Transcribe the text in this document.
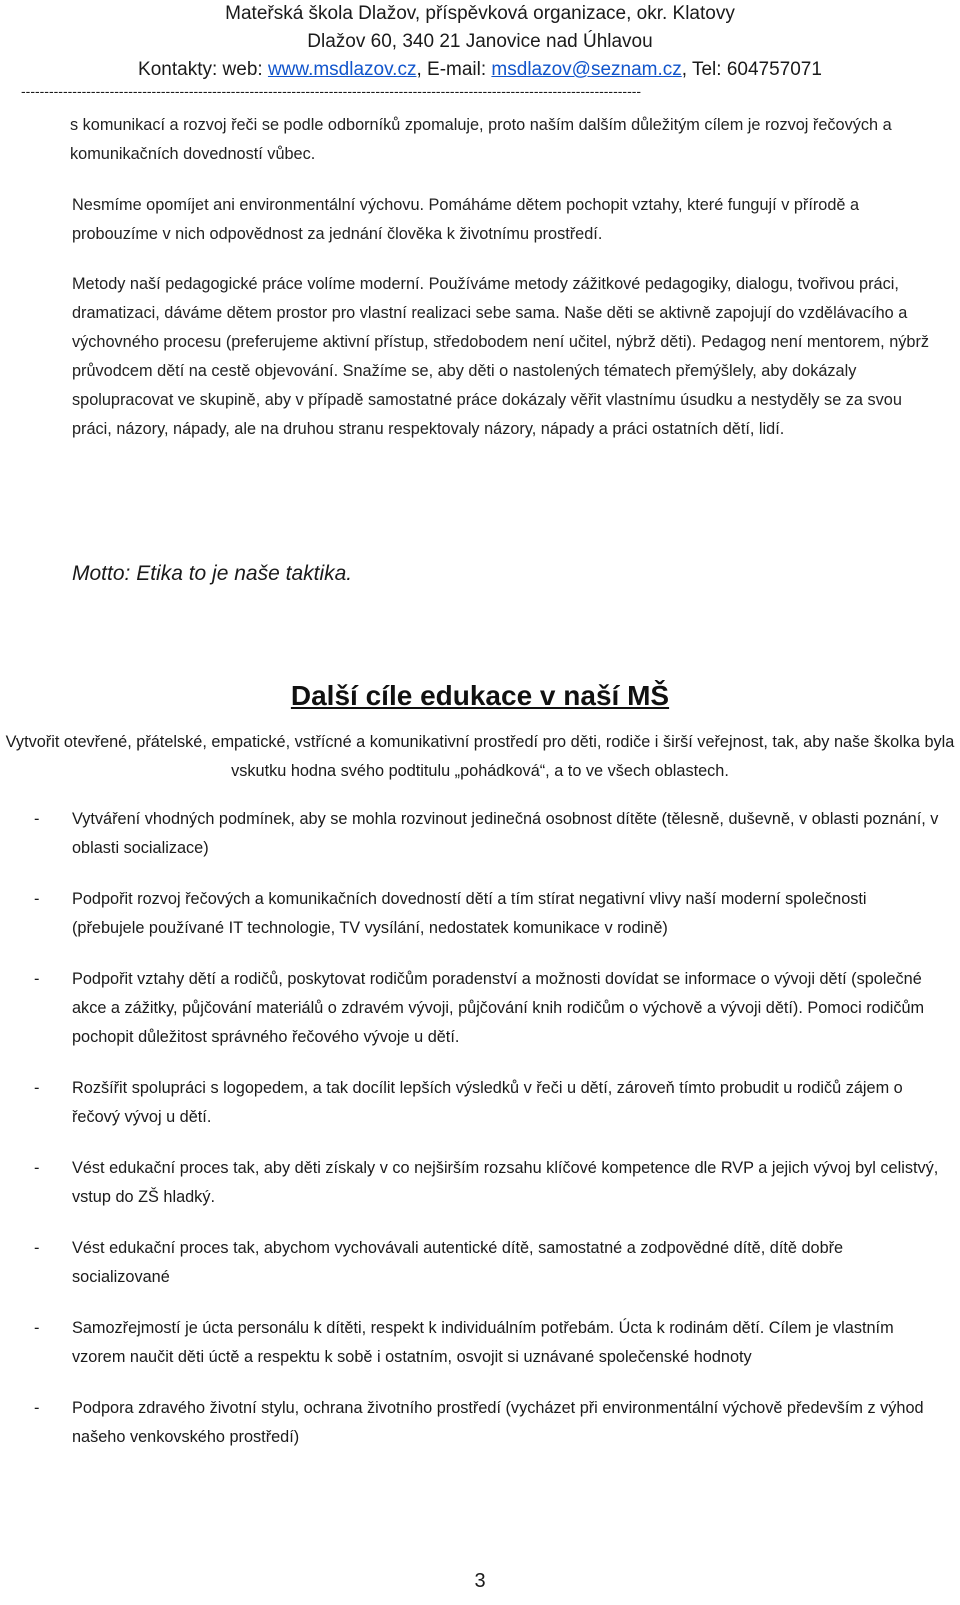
Mateřská škola Dlažov, příspěvková organizace, okr. Klatovy
Dlažov 60, 340 21 Janovice nad Úhlavou
Kontakty: web: www.msdlazov.cz, E-mail: msdlazov@seznam.cz, Tel: 604757071
-------------------------------------------------------------------------------------------------------------------------------------
s komunikací a rozvoj řeči se podle odborníků zpomaluje, proto naším dalším důležitým cílem je rozvoj řečových a komunikačních dovedností vůbec.
Nesmíme opomíjet ani environmentální výchovu. Pomáháme dětem pochopit vztahy, které fungují v přírodě a probouzíme v nich odpovědnost za jednání člověka k životnímu prostředí.
Metody naší pedagogické práce volíme moderní. Používáme metody zážitkové pedagogiky, dialogu, tvořivou práci, dramatizaci, dáváme dětem prostor pro vlastní realizaci sebe sama. Naše děti se aktivně zapojují do vzdělávacího a výchovného procesu (preferujeme aktivní přístup, středobodem není učitel, nýbrž děti). Pedagog není mentorem, nýbrž průvodcem dětí na cestě objevování. Snažíme se, aby děti o nastolených tématech přemýšlely, aby dokázaly spolupracovat ve skupině, aby v případě samostatné práce dokázaly věřit vlastnímu úsudku a nestyděly se za svou práci, názory, nápady, ale na druhou stranu respektovaly názory, nápady a práci ostatních dětí, lidí.
Motto: Etika to je naše taktika.
Další cíle edukace v naší MŠ
Vytvořit otevřené, přátelské, empatické, vstřícné a komunikativní prostředí pro děti, rodiče i širší veřejnost, tak, aby naše školka byla vskutku hodna svého podtitulu „pohádková“, a to ve všech oblastech.
- Vytváření vhodných podmínek, aby se mohla rozvinout jedinečná osobnost dítěte (tělesně, duševně, v oblasti poznání, v oblasti socializace)
- Podpořit rozvoj řečových a komunikačních dovedností dětí a tím stírat negativní vlivy naší moderní společnosti (přebujele používané IT technologie, TV vysílání, nedostatek komunikace v rodině)
- Podpořit vztahy dětí a rodičů, poskytovat rodičům poradenství a možnosti dovídat se informace o vývoji dětí (společné akce a zážitky, půjčování materiálů o zdravém vývoji, půjčování knih rodičům o výchově a vývoji dětí). Pomoci rodičům pochopit důležitost správného řečového vývoje u dětí.
- Rozšířit spolupráci s logopedem, a tak docílit lepších výsledků v řeči u dětí, zároveň tímto probudit u rodičů zájem o řečový vývoj u dětí.
- Vést edukační proces tak, aby děti získaly v co nejširším rozsahu klíčové kompetence dle RVP a jejich vývoj byl celistvý, vstup do ZŠ hladký.
- Vést edukační proces tak, abychom vychovávali autentické dítě, samostatné a zodpovědné dítě, dítě dobře socializované
- Samozřejmostí je úcta personálu k dítěti, respekt k individuálním potřebám. Úcta k rodinám dětí. Cílem je vlastním vzorem naučit děti úctě a respektu k sobě i ostatním, osvojit si uznávané společenské hodnoty
- Podpora zdravého životní stylu, ochrana životního prostředí (vycházet při environmentální výchově především z výhod našeho venkovského prostředí)
3
